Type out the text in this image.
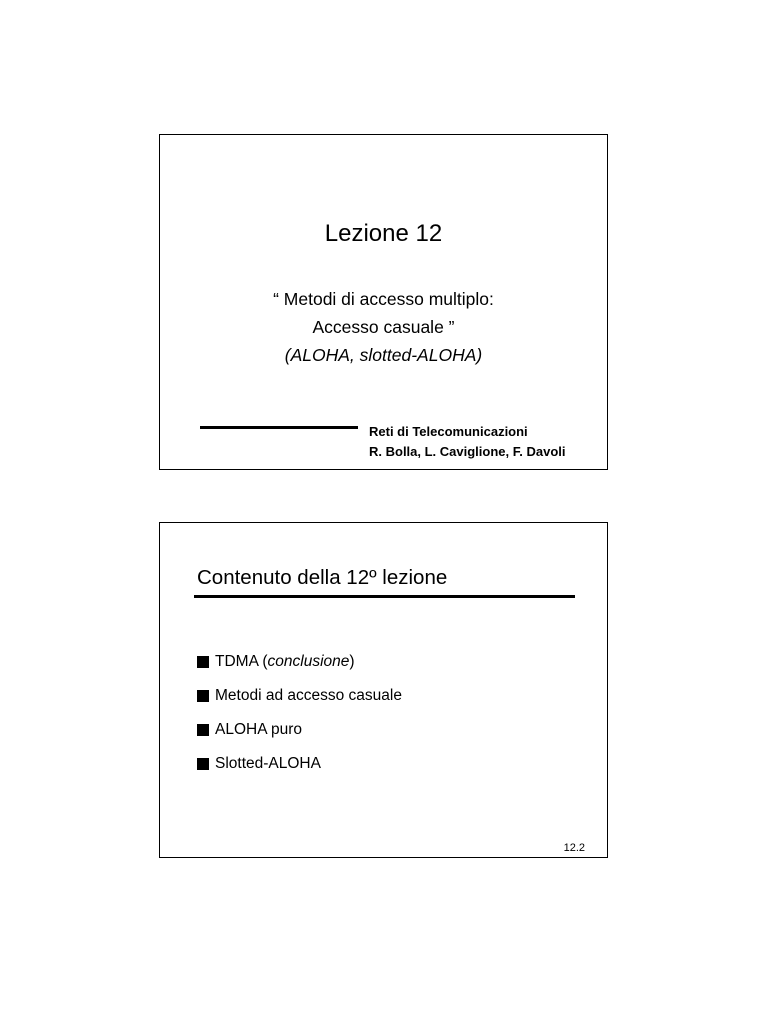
Lezione 12
“ Metodi di accesso multiplo:
Accesso casuale ”
(ALOHA, slotted-ALOHA)
Reti di Telecomunicazioni
R. Bolla, L. Caviglione, F. Davoli
Contenuto della 12º lezione
TDMA (conclusione)
Metodi ad accesso casuale
ALOHA puro
Slotted-ALOHA
12.2
